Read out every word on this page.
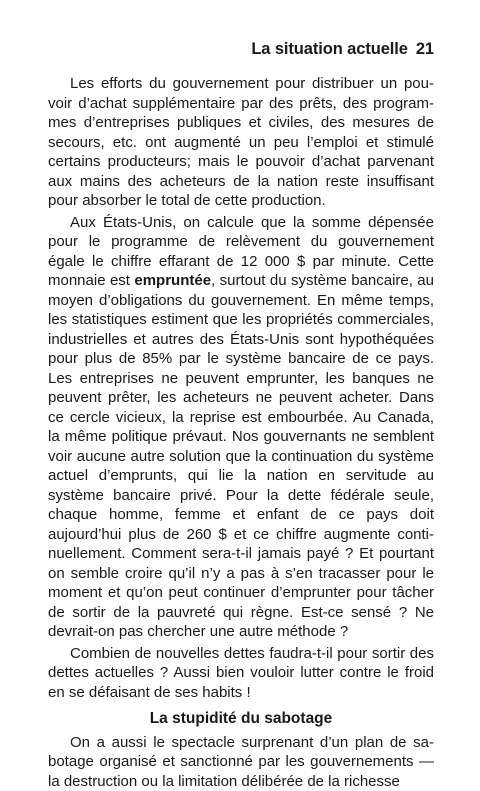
La situation actuelle 21

Les efforts du gouvernement pour distribuer un pouvoir d’achat supplémentaire par des prêts, des programmes d’entreprises publiques et civiles, des mesures de secours, etc. ont augmenté un peu l’emploi et stimulé certains producteurs; mais le pouvoir d’achat parvenant aux mains des acheteurs de la nation reste insuffisant pour absorber le total de cette production.

Aux États-Unis, on calcule que la somme dépensée pour le programme de relèvement du gouvernement égale le chiffre effarant de 12 000 $ par minute. Cette monnaie est empruntée, surtout du système bancaire, au moyen d’obligations du gouvernement. En même temps, les statistiques estiment que les propriétés commerciales, industrielles et autres des États-Unis sont hypothéquées pour plus de 85% par le système bancaire de ce pays. Les entreprises ne peuvent emprunter, les banques ne peuvent prêter, les acheteurs ne peuvent acheter. Dans ce cercle vicieux, la reprise est embourbée. Au Canada, la même politique prévaut. Nos gouvernants ne semblent voir aucune autre solution que la continuation du système actuel d’emprunts, qui lie la nation en servitude au système bancaire privé. Pour la dette fédérale seule, chaque homme, femme et enfant de ce pays doit aujourd’hui plus de 260 $ et ce chiffre augmente continuellement. Comment sera-t-il jamais payé ? Et pourtant on semble croire qu’il n’y a pas à s’en tracasser pour le moment et qu’on peut continuer d’emprunter pour tâcher de sortir de la pauvreté qui règne. Est-ce sensé ? Ne devrait-on pas chercher une autre méthode ?

Combien de nouvelles dettes faudra-t-il pour sortir des dettes actuelles ? Aussi bien vouloir lutter contre le froid en se défaisant de ses habits !

La stupidité du sabotage

On a aussi le spectacle surprenant d’un plan de sabotage organisé et sanctionné par les gouvernements — la destruction ou la limitation délibérée de la richesse
